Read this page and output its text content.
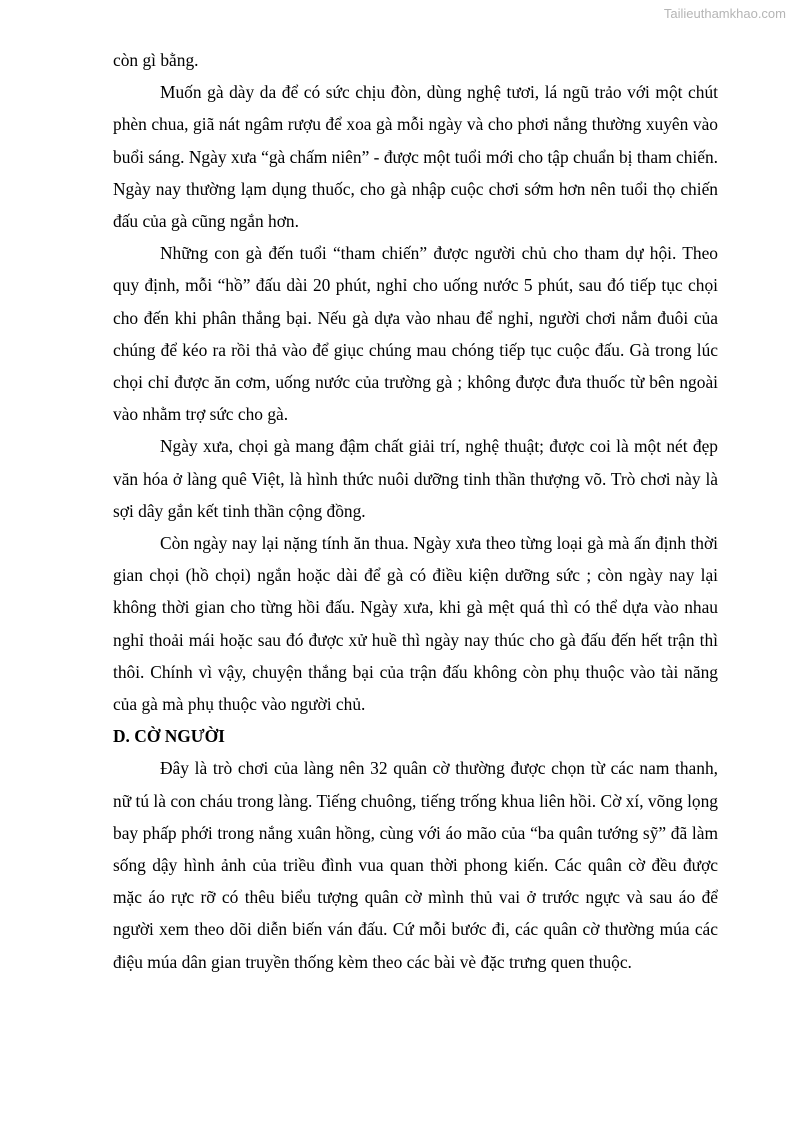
Tailieuthamkhao.com

còn gì bằng.

Muốn gà dày da để có sức chịu đòn, dùng nghệ tươi, lá ngũ trảo với một chút phèn chua, giã nát ngâm rượu để xoa gà mỗi ngày và cho phơi nắng thường xuyên vào buổi sáng. Ngày xưa “gà chấm niên” - được một tuổi mới cho tập chuẩn bị tham chiến. Ngày nay thường lạm dụng thuốc, cho gà nhập cuộc chơi sớm hơn nên tuổi thọ chiến đấu của gà cũng ngắn hơn.

Những con gà đến tuổi “tham chiến” được người chủ cho tham dự hội. Theo quy định, mỗi “hồ” đấu dài 20 phút, nghỉ cho uống nước 5 phút, sau đó tiếp tục chọi cho đến khi phân thắng bại. Nếu gà dựa vào nhau để nghỉ, người chơi nắm đuôi của chúng để kéo ra rồi thả vào để giục chúng mau chóng tiếp tục cuộc đấu. Gà trong lúc chọi chỉ được ăn cơm, uống nước của trường gà ; không được đưa thuốc từ bên ngoài vào nhằm trợ sức cho gà.

Ngày xưa, chọi gà mang đậm chất giải trí, nghệ thuật; được coi là một nét đẹp văn hóa ở làng quê Việt, là hình thức nuôi dưỡng tinh thần thượng võ. Trò chơi này là sợi dây gắn kết tinh thần cộng đồng.

Còn ngày nay lại nặng tính ăn thua. Ngày xưa theo từng loại gà mà ấn định thời gian chọi (hồ chọi) ngắn hoặc dài để gà có điều kiện dưỡng sức ; còn ngày nay lại không thời gian cho từng hồi đấu. Ngày xưa, khi gà mệt quá thì có thể dựa vào nhau nghỉ thoải mái hoặc sau đó được xử huề thì ngày nay thúc cho gà đấu đến hết trận thì thôi. Chính vì vậy, chuyện thắng bại của trận đấu không còn phụ thuộc vào tài năng của gà mà phụ thuộc vào người chủ.

D. CỜ NGƯỜI

Đây là trò chơi của làng nên 32 quân cờ thường được chọn từ các nam thanh, nữ tú là con cháu trong làng. Tiếng chuông, tiếng trống khua liên hồi. Cờ xí, võng lọng bay phấp phới trong nắng xuân hồng, cùng với áo mão của “ba quân tướng sỹ” đã làm sống dậy hình ảnh của triều đình vua quan thời phong kiến. Các quân cờ đều được mặc áo rực rỡ có thêu biểu tượng quân cờ mình thủ vai ở trước ngực và sau áo để người xem theo dõi diễn biến ván đấu. Cứ mỗi bước đi, các quân cờ thường múa các điệu múa dân gian truyền thống kèm theo các bài vè đặc trưng quen thuộc.
